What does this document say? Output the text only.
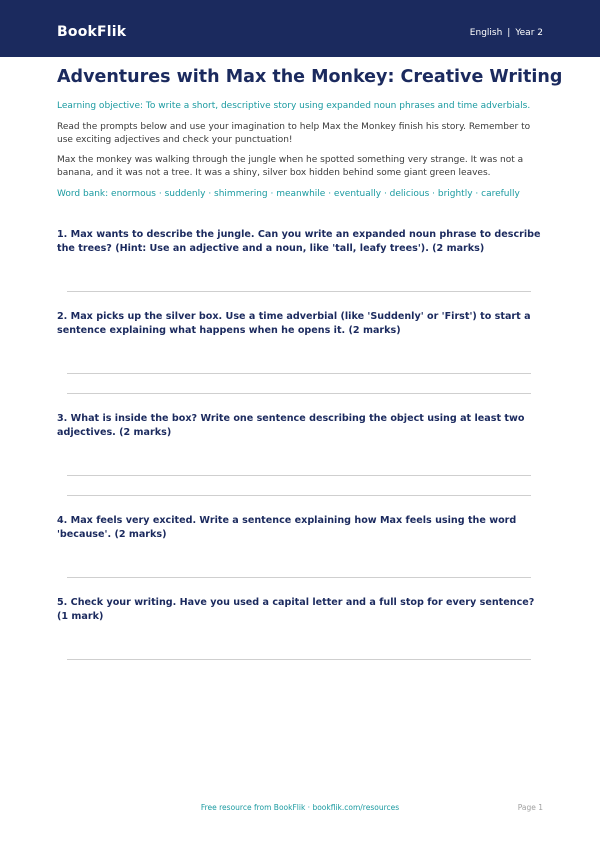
BookFlik	English | Year 2
Adventures with Max the Monkey: Creative Writing

Learning objective: To write a short, descriptive story using expanded noun phrases and time adverbials.

Read the prompts below and use your imagination to help Max the Monkey finish his story. Remember to use exciting adjectives and check your punctuation!

Max the monkey was walking through the jungle when he spotted something very strange. It was not a banana, and it was not a tree. It was a shiny, silver box hidden behind some giant green leaves.

Word bank: enormous · suddenly · shimmering · meanwhile · eventually · delicious · brightly · carefully

1. Max wants to describe the jungle. Can you write an expanded noun phrase to describe the trees? (Hint: Use an adjective and a noun, like 'tall, leafy trees'). (2 marks)
2. Max picks up the silver box. Use a time adverbial (like 'Suddenly' or 'First') to start a sentence explaining what happens when he opens it. (2 marks)
3. What is inside the box? Write one sentence describing the object using at least two adjectives. (2 marks)
4. Max feels very excited. Write a sentence explaining how Max feels using the word 'because'. (2 marks)
5. Check your writing. Have you used a capital letter and a full stop for every sentence? (1 mark)
Free resource from BookFlik · bookflik.com/resources	Page 1
